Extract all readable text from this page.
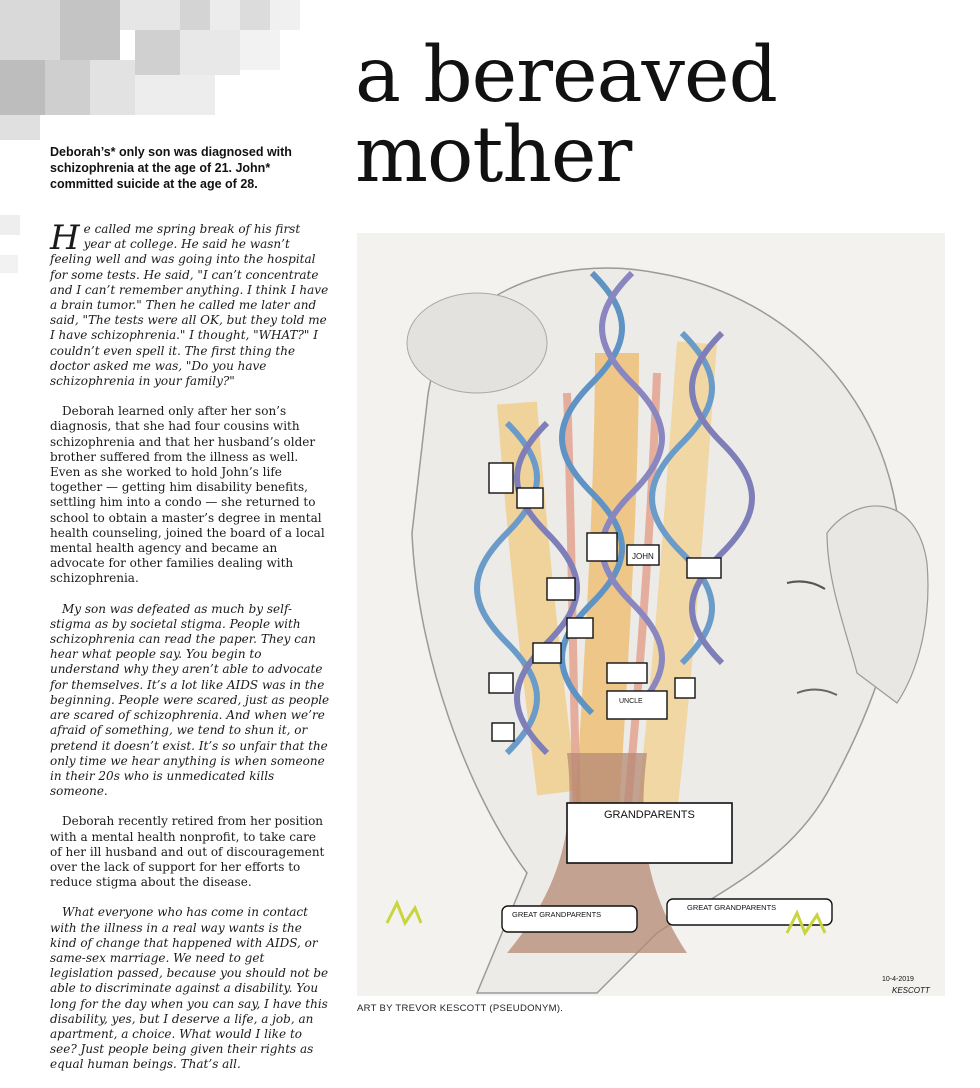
a bereaved
mother
Deborah’s* only son was diagnosed with schizophrenia at the age of 21. John* committed suicide at the age of 28.

He called me spring break of his first year at college. He said he wasn’t feeling well and was going into the hospital for some tests. He said, "I can’t concentrate and I can’t remember anything. I think I have a brain tumor." Then he called me later and said, "The tests were all OK, but they told me I have schizophrenia." I thought, "WHAT?" I couldn’t even spell it. The first thing the doctor asked me was, "Do you have schizophrenia in your family?"

Deborah learned only after her son’s diagnosis, that she had four cousins with schizophrenia and that her husband’s older brother suffered from the illness as well. Even as she worked to hold John’s life together — getting him disability benefits, settling him into a condo — she returned to school to obtain a master’s degree in mental health counseling, joined the board of a local mental health agency and became an advocate for other families dealing with schizophrenia.

My son was defeated as much by self-stigma as by societal stigma. People with schizophrenia can read the paper. They can hear what people say. You begin to understand why they aren’t able to advocate for themselves. It’s a lot like AIDS was in the beginning. People were scared, just as people are scared of schizophrenia. And when we’re afraid of something, we tend to shun it, or pretend it doesn’t exist. It’s so unfair that the only time we hear anything is when someone in their 20s who is unmedicated kills someone.

Deborah recently retired from her position with a mental health nonprofit, to take care of her ill husband and out of discouragement over the lack of support for her efforts to reduce stigma about the disease.

What everyone who has come in contact with the illness in a real way wants is the kind of change that happened with AIDS, or same-sex marriage. We need to get legislation passed, because you should not be able to discriminate against a disability. You long for the day when you can say, I have this disability, yes, but I deserve a life, a job, an apartment, a choice. What would I like to see? Just people being given their rights as equal human beings. That’s all.

JOHN
UNCLE
GRANDPARENTS
GREAT GRANDPARENTS
GREAT GRANDPARENTS
10-4-2019
KESCOTT
ART BY TREVOR KESCOTT (PSEUDONYM).
